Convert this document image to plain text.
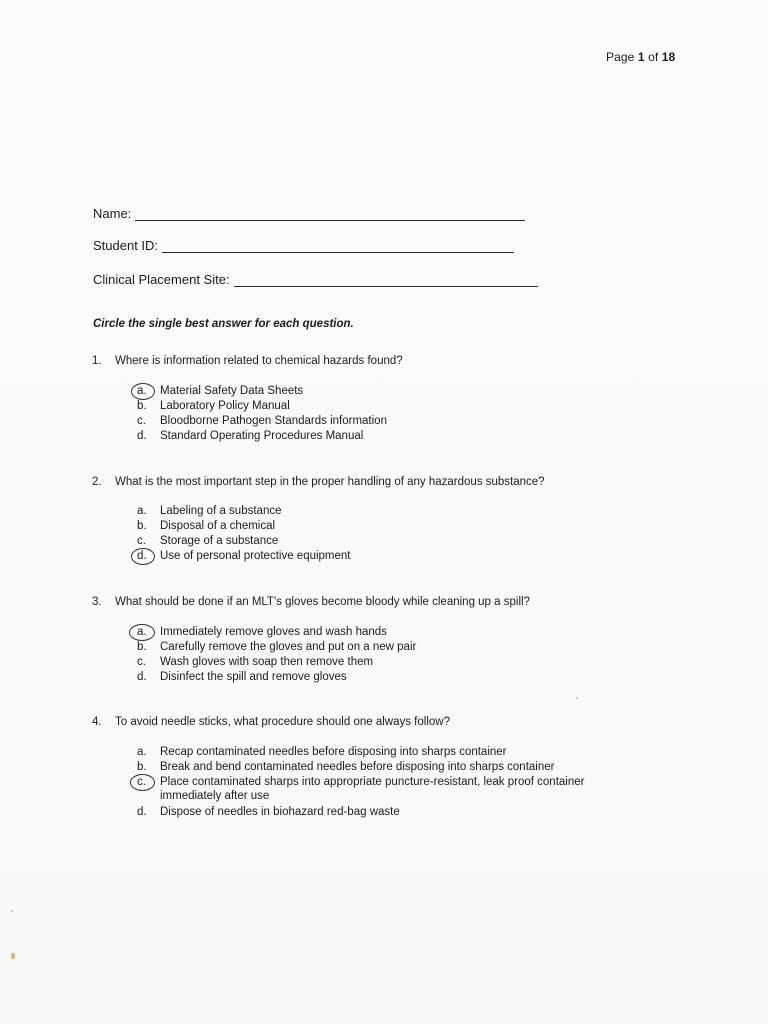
Page 1 of 18
Name:
Student ID:
Clinical Placement Site:
Circle the single best answer for each question.
1. Where is information related to chemical hazards found?
a.	Material Safety Data Sheets
b.	Laboratory Policy Manual
c.	Bloodborne Pathogen Standards information
d.	Standard Operating Procedures Manual
2. What is the most important step in the proper handling of any hazardous substance?
a.	Labeling of a substance
b.	Disposal of a chemical
c.	Storage of a substance
d.	Use of personal protective equipment
3. What should be done if an MLT's gloves become bloody while cleaning up a spill?
a.	Immediately remove gloves and wash hands
b.	Carefully remove the gloves and put on a new pair
c.	Wash gloves with soap then remove them
d.	Disinfect the spill and remove gloves
4. To avoid needle sticks, what procedure should one always follow?
a.	Recap contaminated needles before disposing into sharps container
b.	Break and bend contaminated needles before disposing into sharps container
c.	Place contaminated sharps into appropriate puncture-resistant, leak proof container
immediately after use
d.	Dispose of needles in biohazard red-bag waste
